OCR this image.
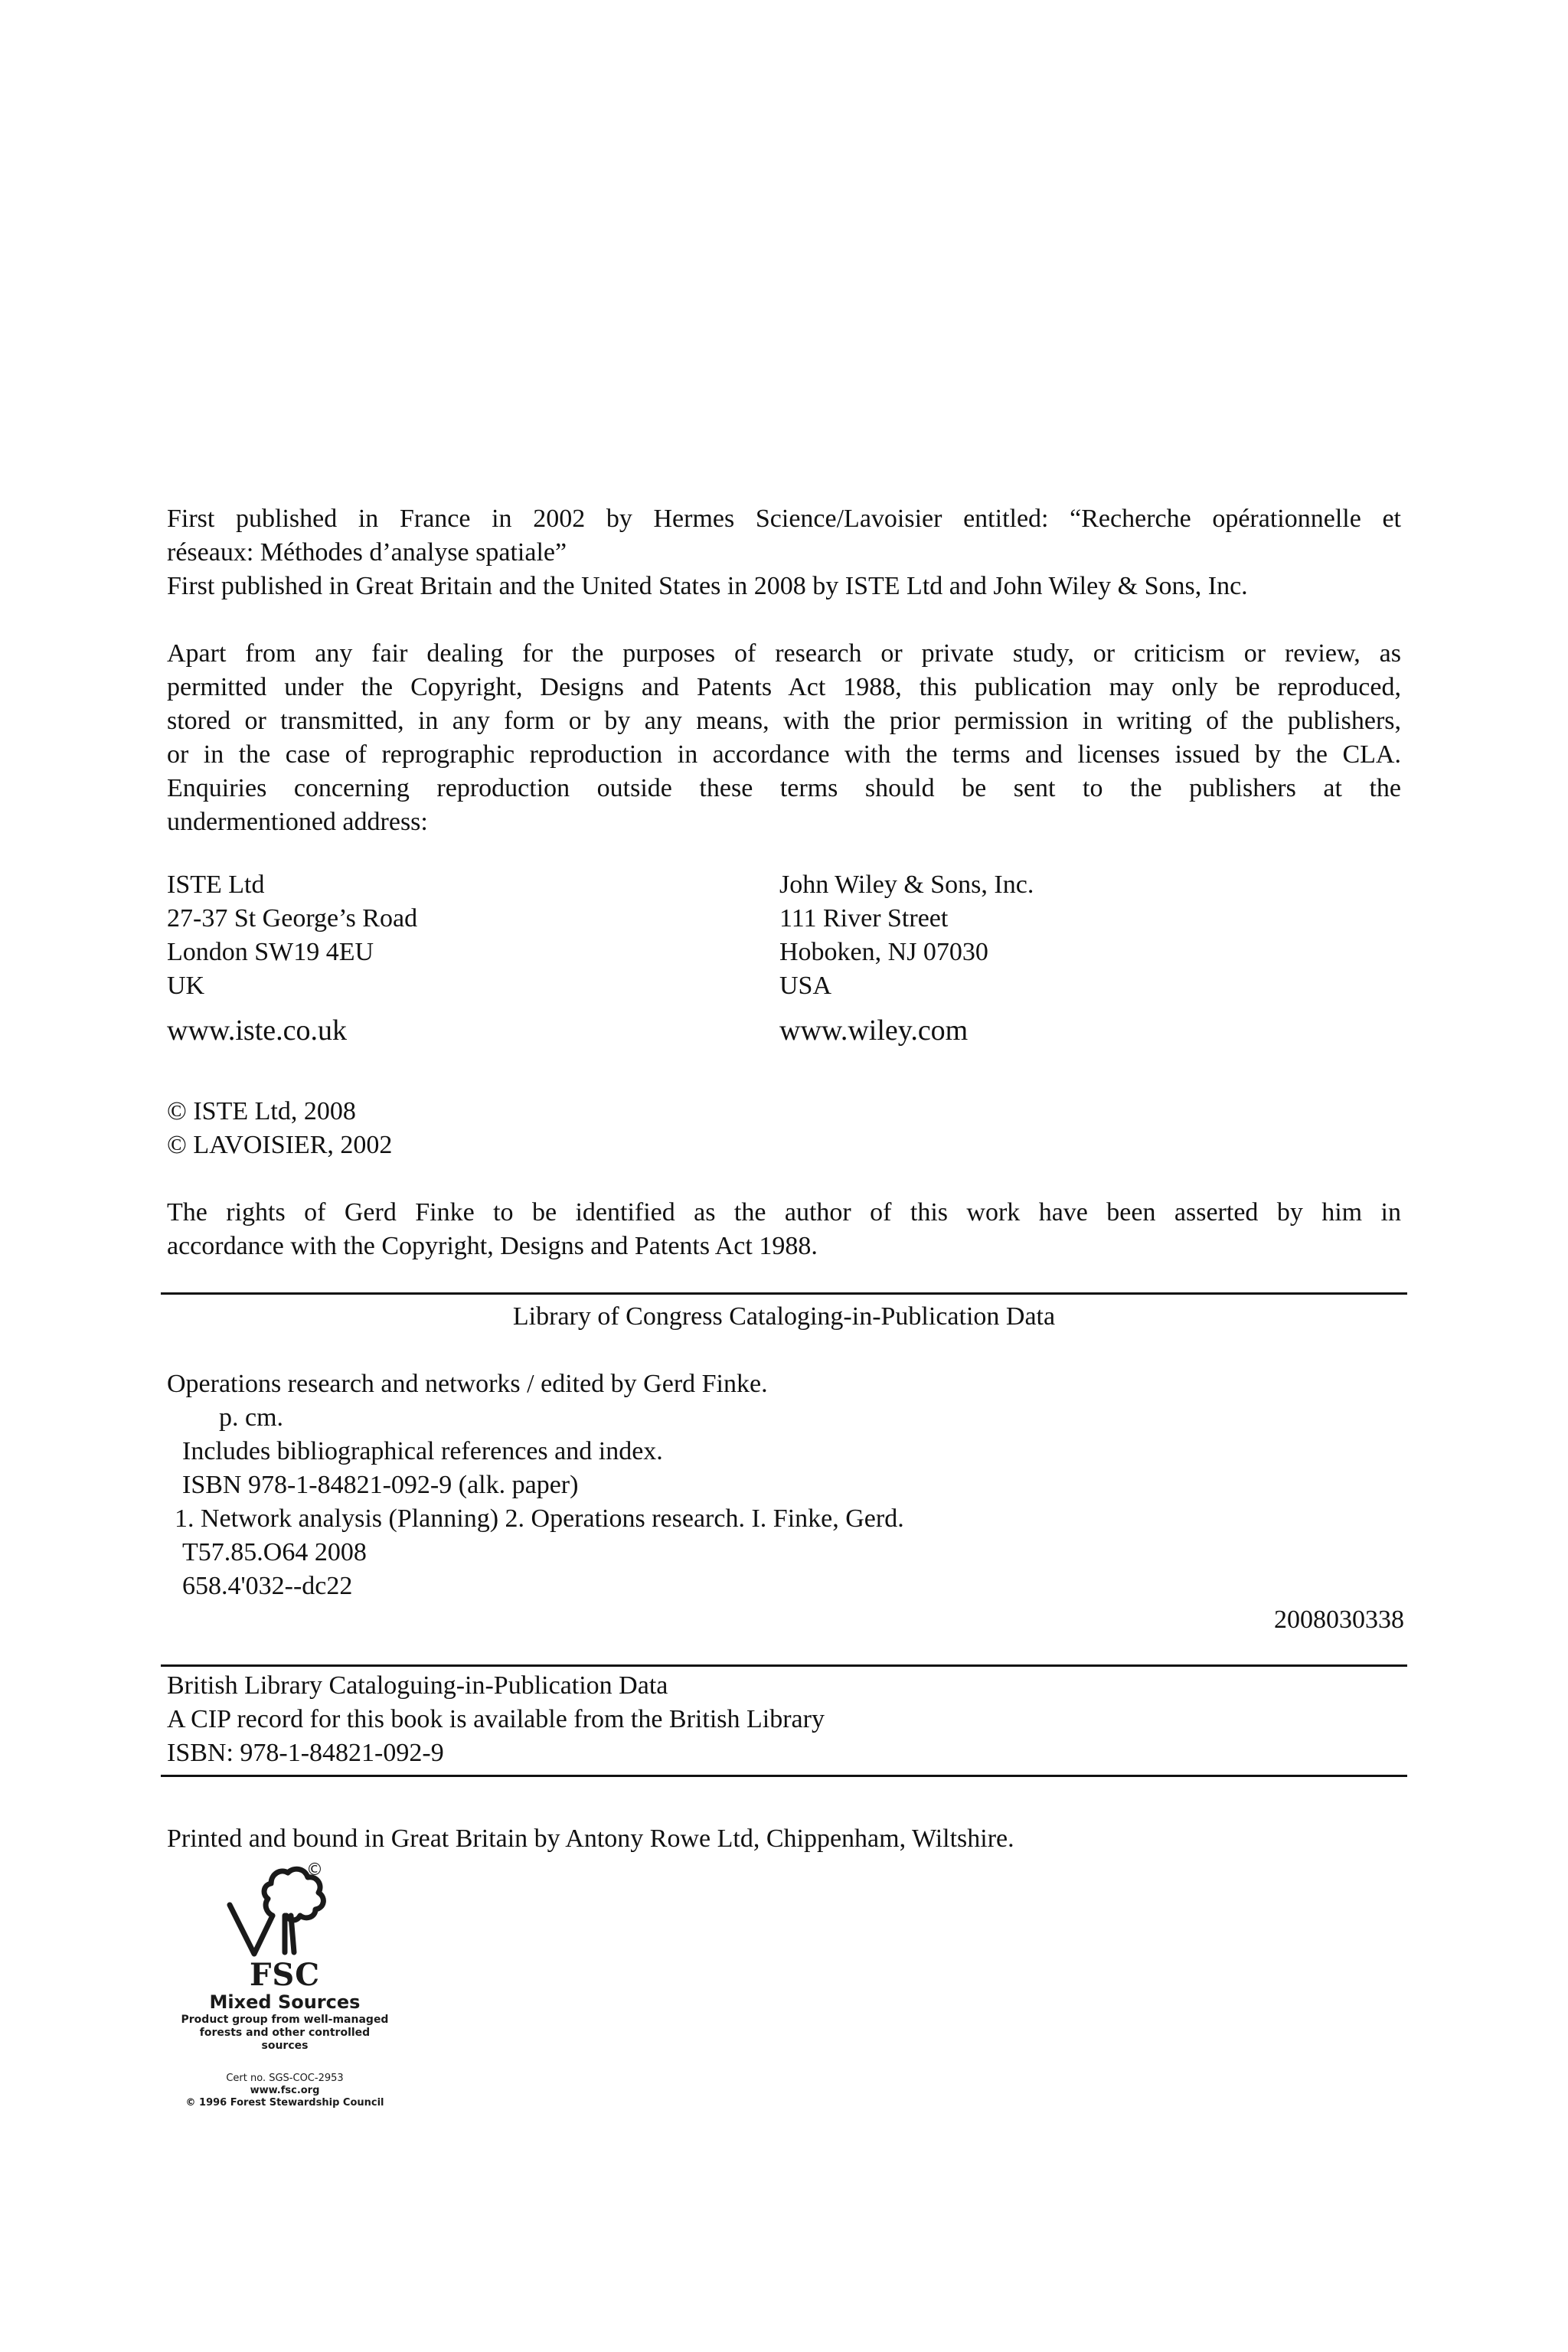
First published in France in 2002 by Hermes Science/Lavoisier entitled: “Recherche opérationnelle et
réseaux: Méthodes d’analyse spatiale”
First published in Great Britain and the United States in 2008 by ISTE Ltd and John Wiley & Sons, Inc.
Apart from any fair dealing for the purposes of research or private study, or criticism or review, as
permitted under the Copyright, Designs and Patents Act 1988, this publication may only be reproduced,
stored or transmitted, in any form or by any means, with the prior permission in writing of the publishers,
or in the case of reprographic reproduction in accordance with the terms and licenses issued by the CLA.
Enquiries concerning reproduction outside these terms should be sent to the publishers at the
undermentioned address:
ISTE Ltd
27-37 St George’s Road
London SW19 4EU
UK
www.iste.co.uk
John Wiley & Sons, Inc.
111 River Street
Hoboken, NJ 07030
USA
www.wiley.com
© ISTE Ltd, 2008
© LAVOISIER, 2002
The rights of Gerd Finke to be identified as the author of this work have been asserted by him in
accordance with the Copyright, Designs and Patents Act 1988.
Library of Congress Cataloging-in-Publication Data
Operations research and networks / edited by Gerd Finke.
p. cm.
Includes bibliographical references and index.
ISBN 978-1-84821-092-9 (alk. paper)
1. Network analysis (Planning) 2. Operations research. I. Finke, Gerd.
T57.85.O64 2008
658.4'032--dc22
2008030338
British Library Cataloguing-in-Publication Data
A CIP record for this book is available from the British Library
ISBN: 978-1-84821-092-9
Printed and bound in Great Britain by Antony Rowe Ltd, Chippenham, Wiltshire.
©
FSC
Mixed Sources
Product group from well-managed
forests and other controlled sources
Cert no. SGS-COC-2953
www.fsc.org
© 1996 Forest Stewardship Council
